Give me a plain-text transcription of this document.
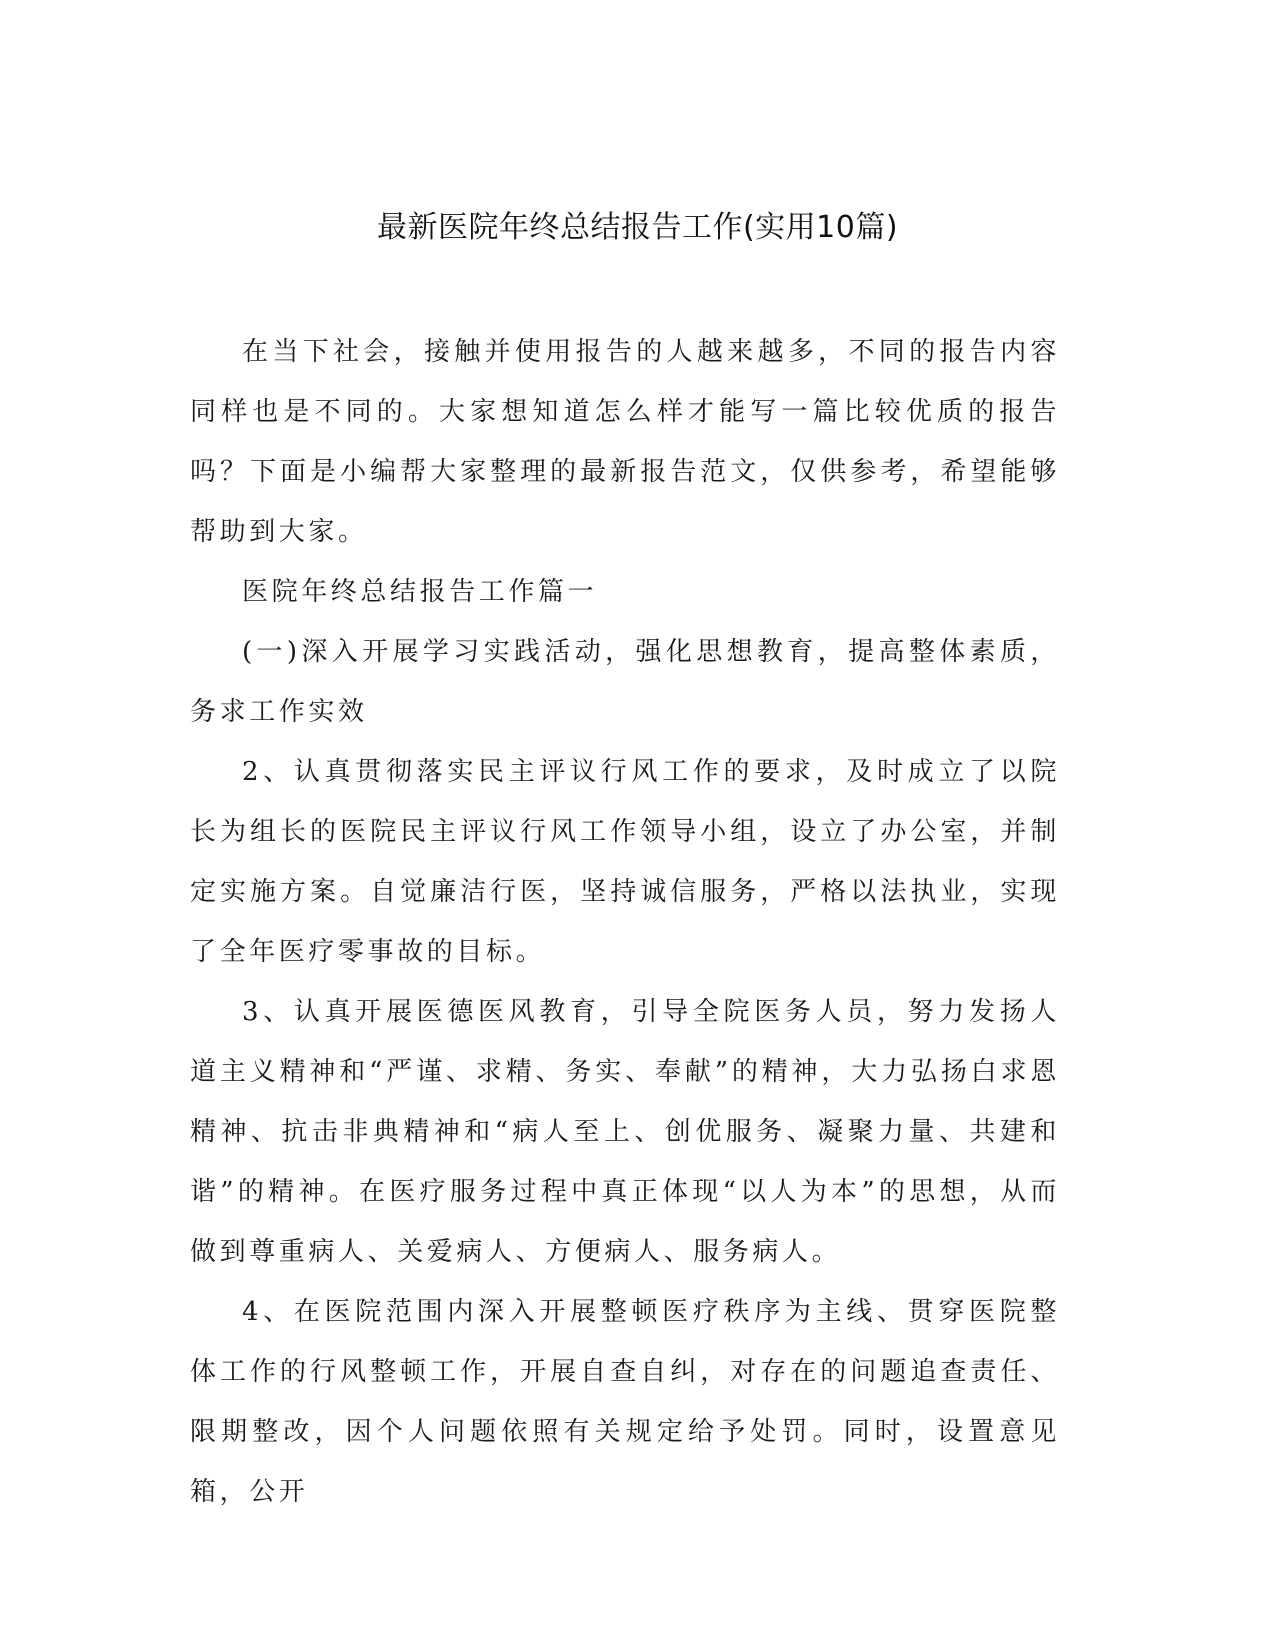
最新医院年终总结报告工作(实用10篇)

在当下社会，接触并使用报告的人越来越多，不同的报告内容同样也是不同的。大家想知道怎么样才能写一篇比较优质的报告吗？下面是小编帮大家整理的最新报告范文，仅供参考，希望能够帮助到大家。

医院年终总结报告工作篇一

(一)深入开展学习实践活动，强化思想教育，提高整体素质，务求工作实效

2、认真贯彻落实民主评议行风工作的要求，及时成立了以院长为组长的医院民主评议行风工作领导小组，设立了办公室，并制定实施方案。自觉廉洁行医，坚持诚信服务，严格以法执业，实现了全年医疗零事故的目标。

3、认真开展医德医风教育，引导全院医务人员，努力发扬人道主义精神和“严谨、求精、务实、奉献”的精神，大力弘扬白求恩精神、抗击非典精神和“病人至上、创优服务、凝聚力量、共建和谐”的精神。在医疗服务过程中真正体现“以人为本”的思想，从而做到尊重病人、关爱病人、方便病人、服务病人。

4、在医院范围内深入开展整顿医疗秩序为主线、贯穿医院整体工作的行风整顿工作，开展自查自纠，对存在的问题追查责任、限期整改，因个人问题依照有关规定给予处罚。同时，设置意见箱，公开
